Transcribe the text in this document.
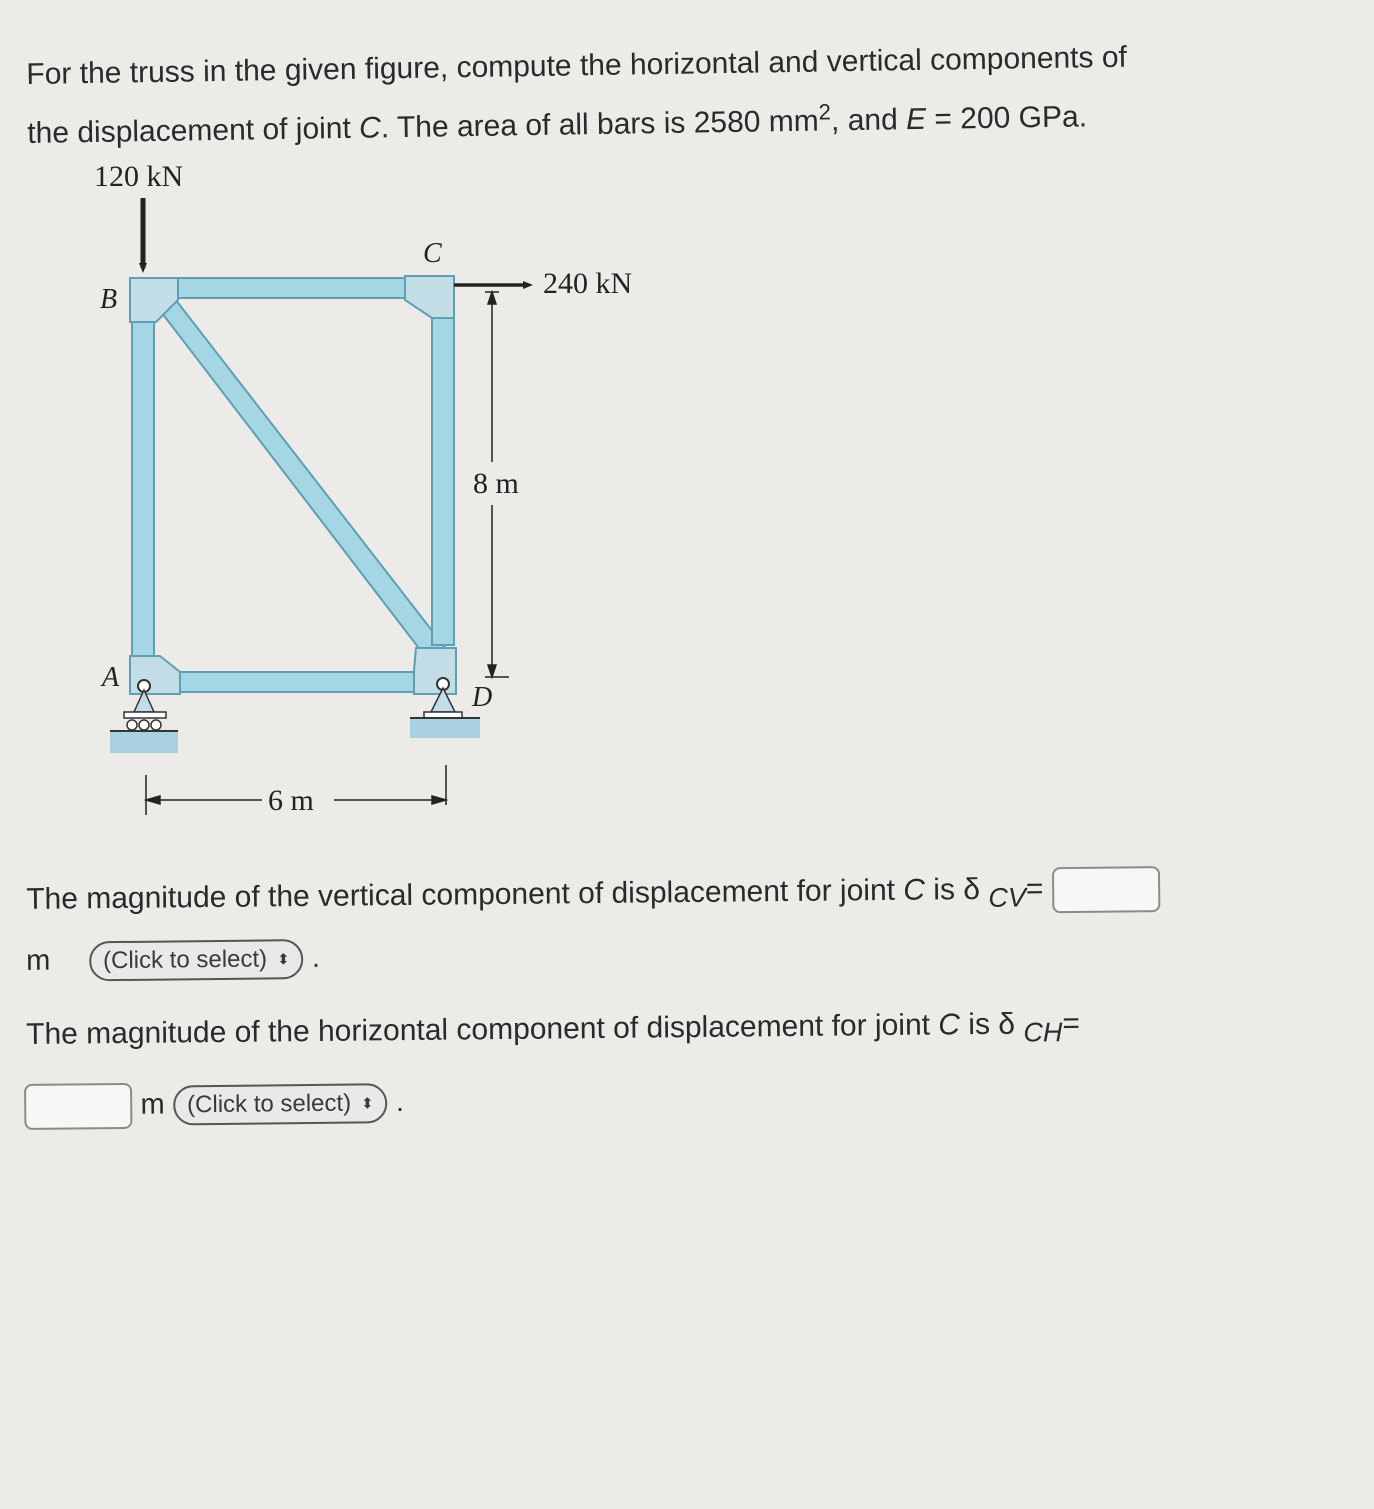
For the truss in the given figure, compute the horizontal and vertical components of
the displacement of joint C. The area of all bars is 2580 $mm^2$, and E = 200 GPa.
120 kN
240 kN
B
C
A
D
8 m
6 m
The magnitude of the vertical component of displacement for joint C is δ $_{CV}$=
m (Click to select) ⬍ .
The magnitude of the horizontal component of displacement for joint C is δ $_{CH}$=
m (Click to select) ⬍ .
